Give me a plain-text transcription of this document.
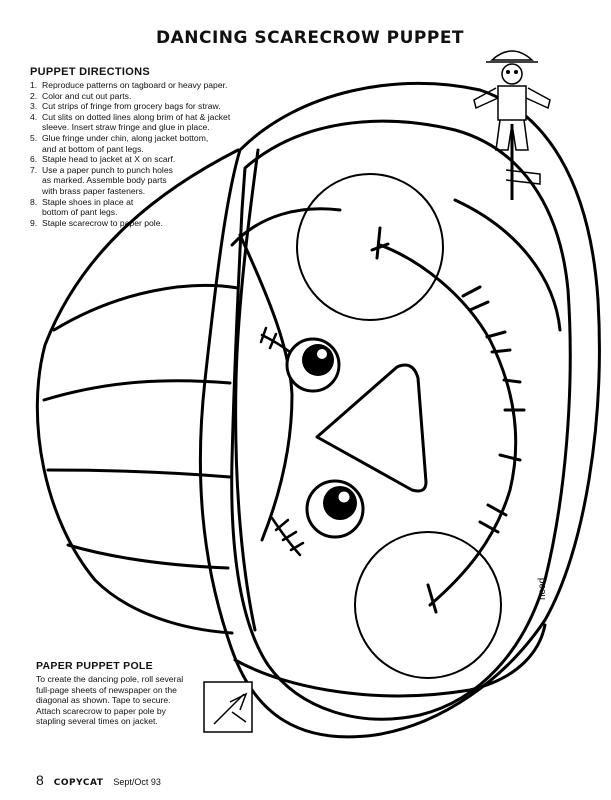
DANCING SCARECROW PUPPET
PUPPET DIRECTIONS
1. Reproduce patterns on tagboard or heavy paper.
2. Color and cut out parts.
3. Cut strips of fringe from grocery bags for straw.
4. Cut slits on dotted lines along brim of hat & jacket
sleeve. Insert straw fringe and glue in place.
5. Glue fringe under chin, along jacket bottom,
and at bottom of pant legs.
6. Staple head to jacket at X on scarf.
7. Use a paper punch to punch holes
as marked. Assemble body parts
with brass paper fasteners.
8. Staple shoes in place at
bottom of pant legs.
9. Staple scarecrow to paper pole.
head
PAPER PUPPET POLE
To create the dancing pole, roll several
full-page sheets of newspaper on the
diagonal as shown. Tape to secure.
Attach scarecrow to paper pole by
stapling several times on jacket.
8 COPYCAT Sept/Oct 93
